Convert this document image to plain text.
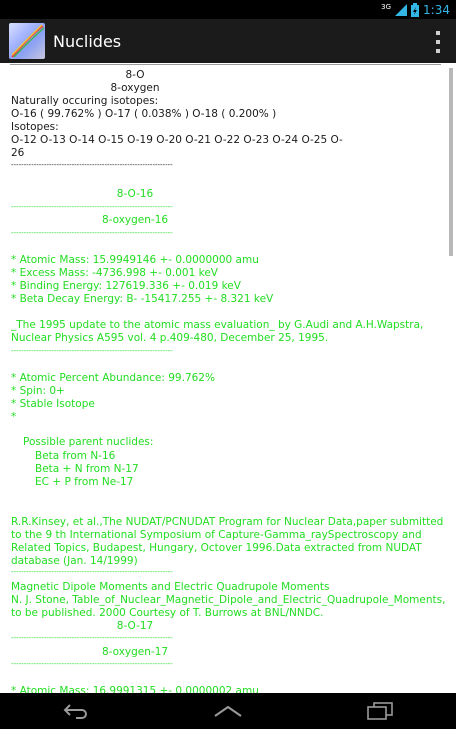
3G	1:34
Nuclides
8-O
8-oxygen
Naturally occuring isotopes:
O-16 ( 99.762% ) O-17 ( 0.038% ) O-18 ( 0.200% )
Isotopes:
O-12 O-13 O-14 O-15 O-19 O-20 O-21 O-22 O-23 O-24 O-25 O-
26
----------------------------------------------------------------
8-O-16
----------------------------------------------------------------
8-oxygen-16
----------------------------------------------------------------
* Atomic Mass: 15.9949146 +- 0.0000000 amu
* Excess Mass: -4736.998 +- 0.001 keV
* Binding Energy: 127619.336 +- 0.019 keV
* Beta Decay Energy: B- -15417.255 +- 8.321 keV
_The 1995 update to the atomic mass evaluation_ by G.Audi and A.H.Wapstra,
Nuclear Physics A595 vol. 4 p.409-480, December 25, 1995.
----------------------------------------------------------------
* Atomic Percent Abundance: 99.762%
* Spin: 0+
* Stable Isotope
*
Possible parent nuclides:
Beta from N-16
Beta + N from N-17
EC + P from Ne-17
R.R.Kinsey, et al.,The NUDAT/PCNUDAT Program for Nuclear Data,paper submitted
to the 9 th International Symposium of Capture-Gamma_raySpectroscopy and
Related Topics, Budapest, Hungary, Octover 1996.Data extracted from NUDAT
database (Jan. 14/1999)
----------------------------------------------------------------
Magnetic Dipole Moments and Electric Quadrupole Moments
N. J. Stone, Table_of_Nuclear_Magnetic_Dipole_and_Electric_Quadrupole_Moments,
to be published. 2000 Courtesy of T. Burrows at BNL/NNDC.
8-O-17
----------------------------------------------------------------
8-oxygen-17
----------------------------------------------------------------
* Atomic Mass: 16.9991315 +- 0.0000002 amu
